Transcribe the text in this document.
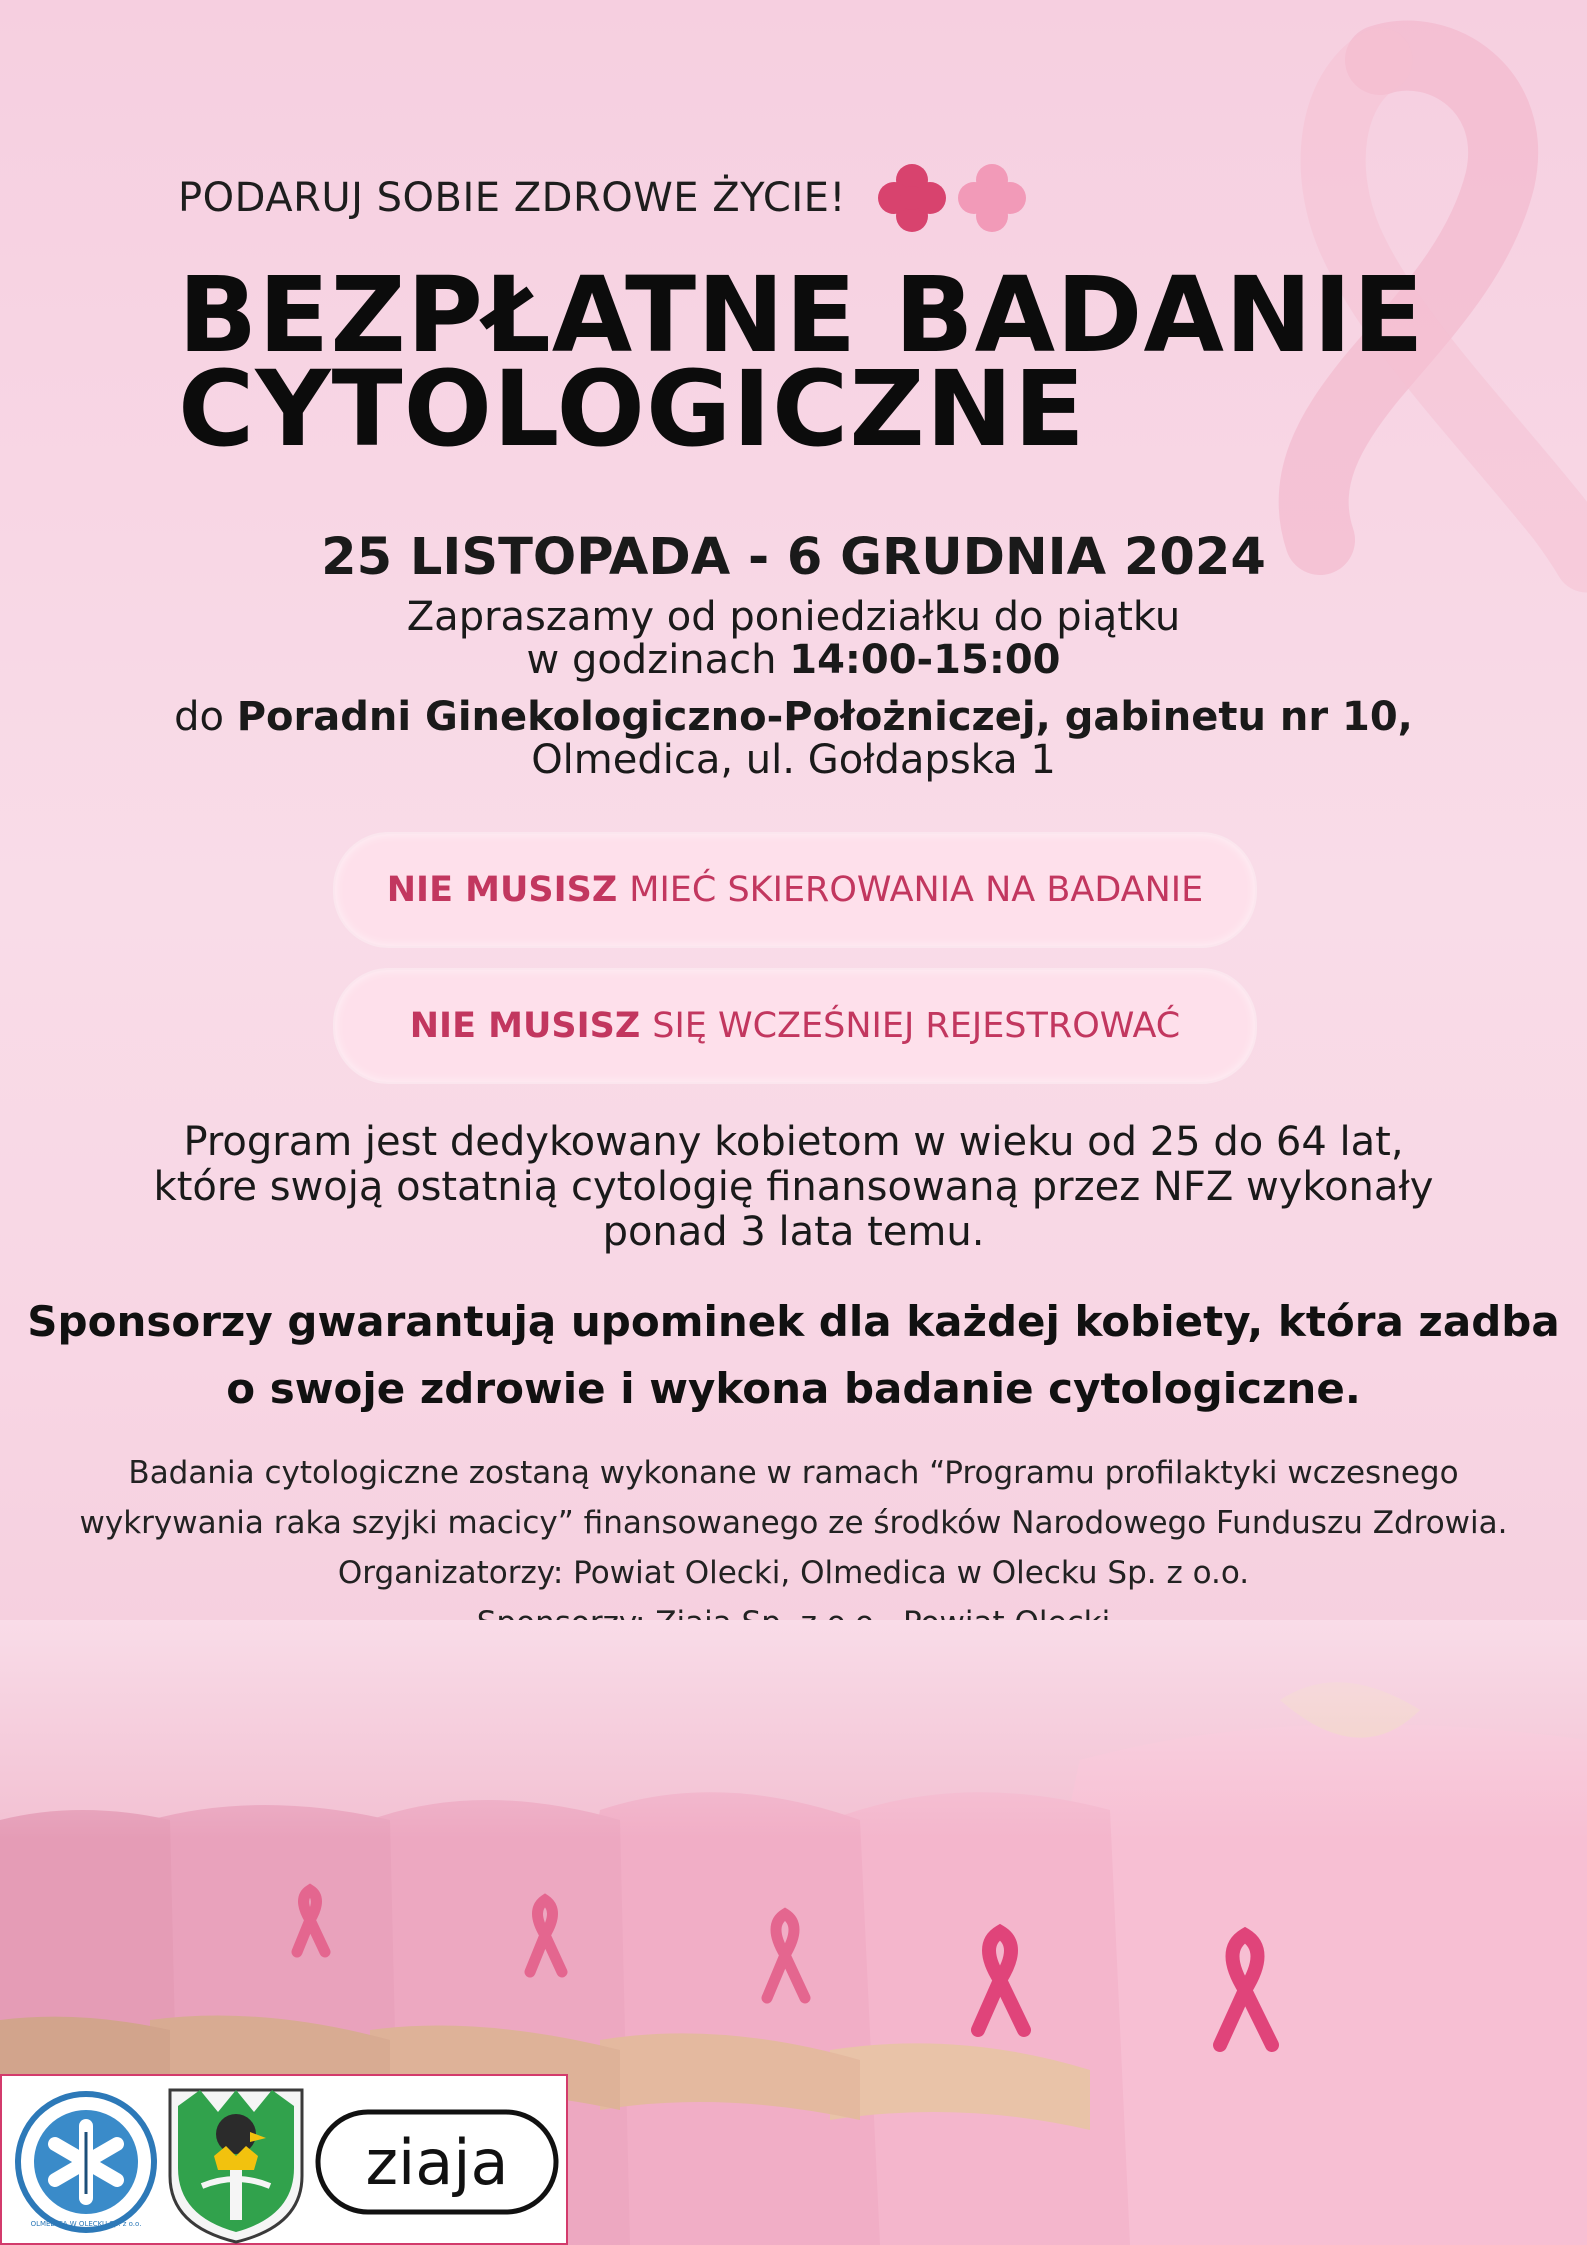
PODARUJ SOBIE ZDROWE ŻYCIE!
BEZPŁATNE BADANIE
CYTOLOGICZNE
25 LISTOPADA - 6 GRUDNIA 2024
Zapraszamy od poniedziałku do piątku
w godzinach 14:00-15:00
do Poradni Ginekologiczno-Położniczej, gabinetu nr 10,
Olmedica, ul. Gołdapska 1
NIE MUSISZ MIEĆ SKIEROWANIA NA BADANIE
NIE MUSISZ SIĘ WCZEŚNIEJ REJESTROWAĆ
Program jest dedykowany kobietom w wieku od 25 do 64 lat,
które swoją ostatnią cytologię finansowaną przez NFZ wykonały
ponad 3 lata temu.
Sponsorzy gwarantują upominek dla każdej kobiety, która zadba
o swoje zdrowie i wykona badanie cytologiczne.
Badania cytologiczne zostaną wykonane w ramach “Programu profilaktyki wczesnego
wykrywania raka szyjki macicy” finansowanego ze środków Narodowego Funduszu Zdrowia.
Organizatorzy: Powiat Olecki, Olmedica w Olecku Sp. z o.o.
OLMEDICA W OLECKU Sp. z o.o.
ziaja
